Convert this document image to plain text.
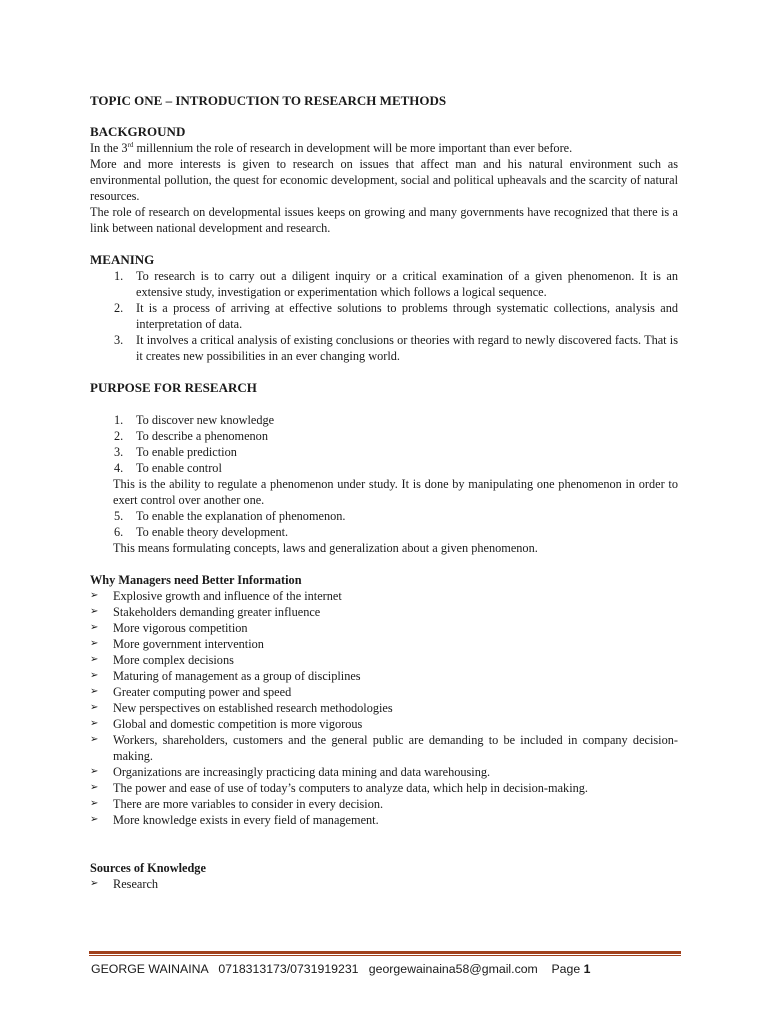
TOPIC ONE – INTRODUCTION TO RESEARCH METHODS

BACKGROUND

In the 3rd millennium the role of research in development will be more important than ever before.

More and more interests is given to research on issues that affect man and his natural environment such as environmental pollution, the quest for economic development, social and political upheavals and the scarcity of natural resources.

The role of research on developmental issues keeps on growing and many governments have recognized that there is a link between national development and research.

MEANING

1. To research is to carry out a diligent inquiry or a critical examination of a given phenomenon. It is an extensive study, investigation or experimentation which follows a logical sequence.
2. It is a process of arriving at effective solutions to problems through systematic collections, analysis and interpretation of data.
3. It involves a critical analysis of existing conclusions or theories with regard to newly discovered facts. That is it creates new possibilities in an ever changing world.

PURPOSE FOR RESEARCH

1. To discover new knowledge
2. To describe a phenomenon
3. To enable prediction
4. To enable control

This is the ability to regulate a phenomenon under study. It is done by manipulating one phenomenon in order to exert control over another one.

5. To enable the explanation of phenomenon.
6. To enable theory development.

This means formulating concepts, laws and generalization about a given phenomenon.

Why Managers need Better Information

➢ Explosive growth and influence of the internet
➢ Stakeholders demanding greater influence
➢ More vigorous competition
➢ More government intervention
➢ More complex decisions
➢ Maturing of management as a group of disciplines
➢ Greater computing power and speed
➢ New perspectives on established research methodologies
➢ Global and domestic competition is more vigorous
➢ Workers, shareholders, customers and the general public are demanding to be included in company decision-making.
➢ Organizations are increasingly practicing data mining and data warehousing.
➢ The power and ease of use of today’s computers to analyze data, which help in decision-making.
➢ There are more variables to consider in every decision.
➢ More knowledge exists in every field of management.

Sources of Knowledge

➢ Research
GEORGE WAINAINA 0718313173/0731919231 georgewainaina58@gmail.com Page 1
